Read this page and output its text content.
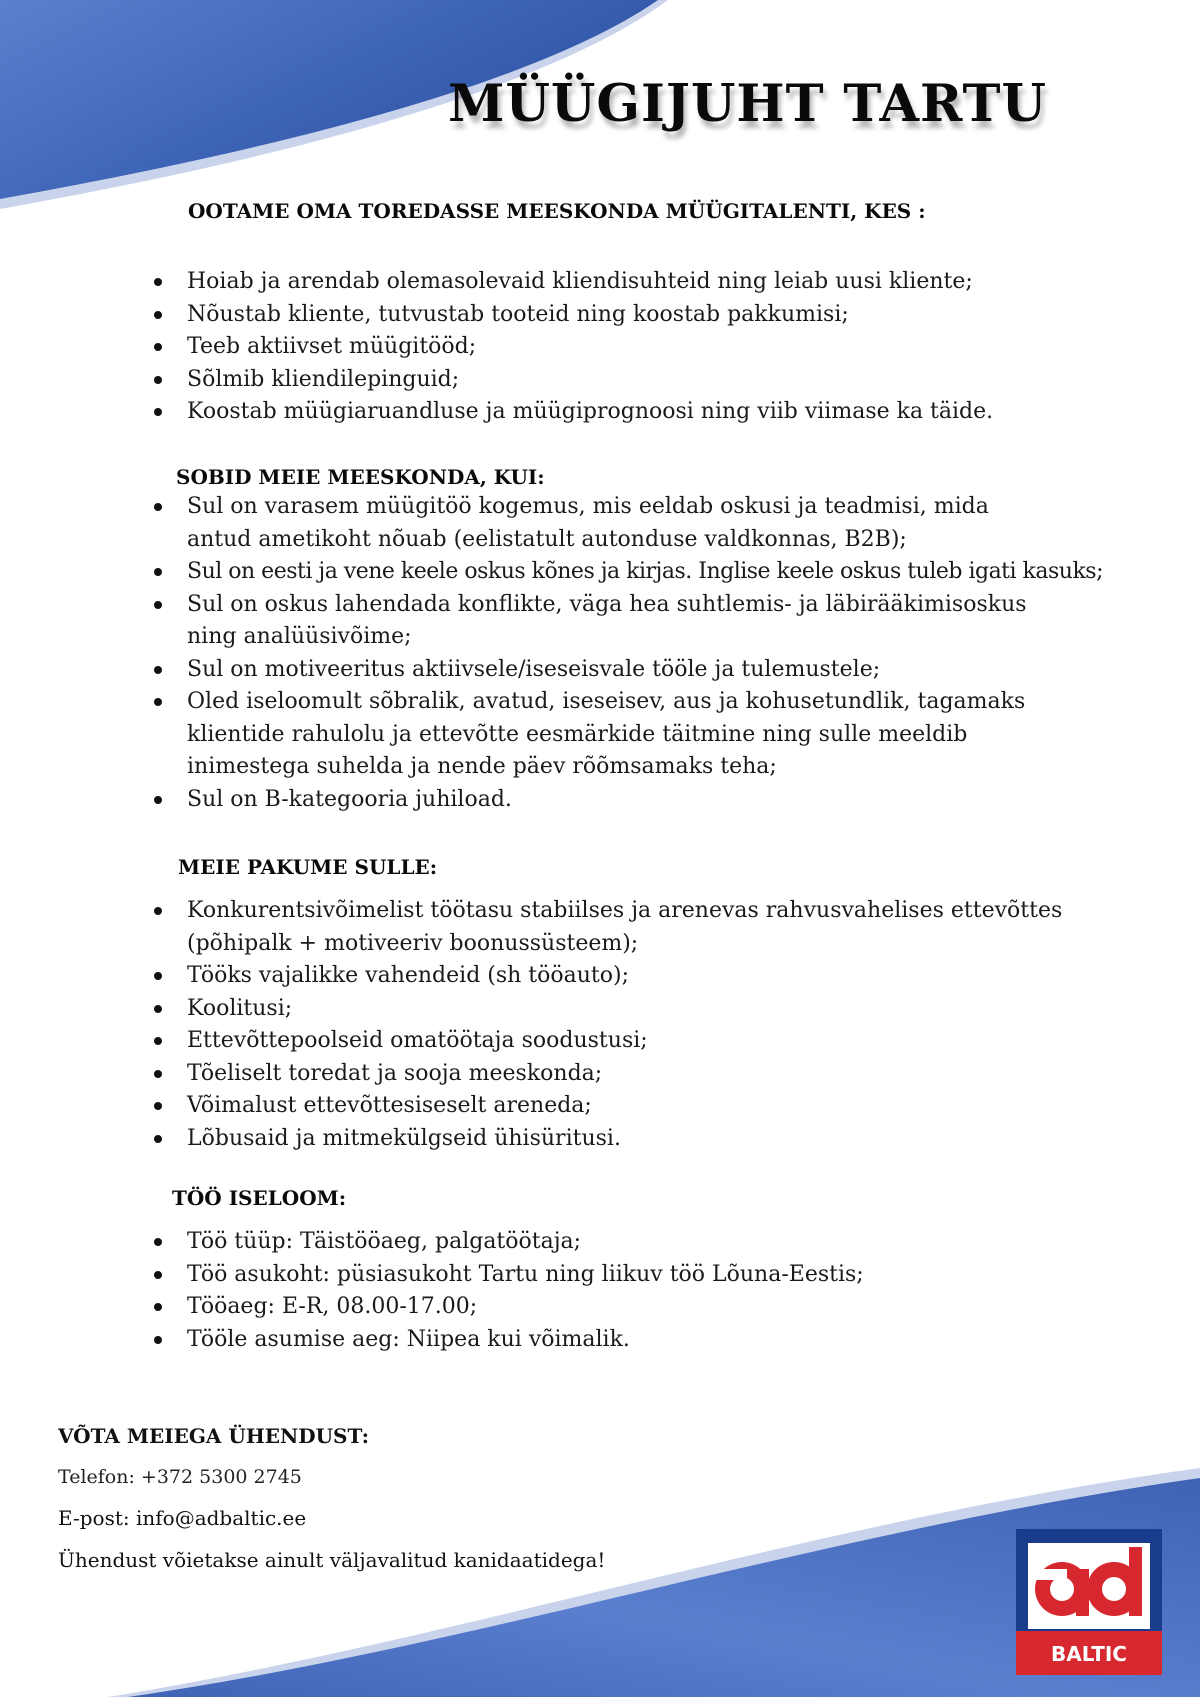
MÜÜGIJUHT TARTU
OOTAME OMA TOREDASSE MEESKONDA MÜÜGITALENTI, KES :
Hoiab ja arendab olemasolevaid kliendisuhteid ning leiab uusi kliente;
Nõustab kliente, tutvustab tooteid ning koostab pakkumisi;
Teeb aktiivset müügitööd;
Sõlmib kliendilepinguid;
Koostab müügiaruandluse ja müügiprognoosi ning viib viimase ka täide.
SOBID MEIE MEESKONDA, KUI:
Sul on varasem müügitöö kogemus, mis eeldab oskusi ja teadmisi, mida antud ametikoht nõuab (eelistatult autonduse valdkonnas, B2B);
Sul on eesti ja vene keele oskus kõnes ja kirjas. Inglise keele oskus tuleb igati kasuks;
Sul on oskus lahendada konflikte, väga hea suhtlemis- ja läbirääkimisoskus ning analüüsivõime;
Sul on motiveeritus aktiivsele/iseseisvale tööle ja tulemustele;
Oled iseloomult sõbralik, avatud, iseseisev, aus ja kohusetundlik, tagamaks klientide rahulolu ja ettevõtte eesmärkide täitmine ning sulle meeldib inimestega suhelda ja nende päev rõõmsamaks teha;
Sul on B-kategooria juhiload.
MEIE PAKUME SULLE:
Konkurentsivõimelist töötasu stabiilses ja arenevas rahvusvahelises ettevõttes (põhipalk + motiveeriv boonussüsteem);
Tööks vajalikke vahendeid (sh tööauto);
Koolitusi;
Ettevõttepoolseid omatöötaja soodustusi;
Tõeliselt toredat ja sooja meeskonda;
Võimalust ettevõttesiseselt areneda;
Lõbusaid ja mitmekülgseid ühisüritusi.
TÖÖ ISELOOM:
Töö tüüp: Täistööaeg, palgatöötaja;
Töö asukoht: püsiasukoht Tartu ning liikuv töö Lõuna-Eestis;
Tööaeg: E-R, 08.00-17.00;
Tööle asumise aeg: Niipea kui võimalik.
VÕTA MEIEGA ÜHENDUST:
Telefon: +372 5300 2745
E-post: info@adbaltic.ee
Ühendust võietakse ainult väljavalitud kanidaatidega!
BALTIC
